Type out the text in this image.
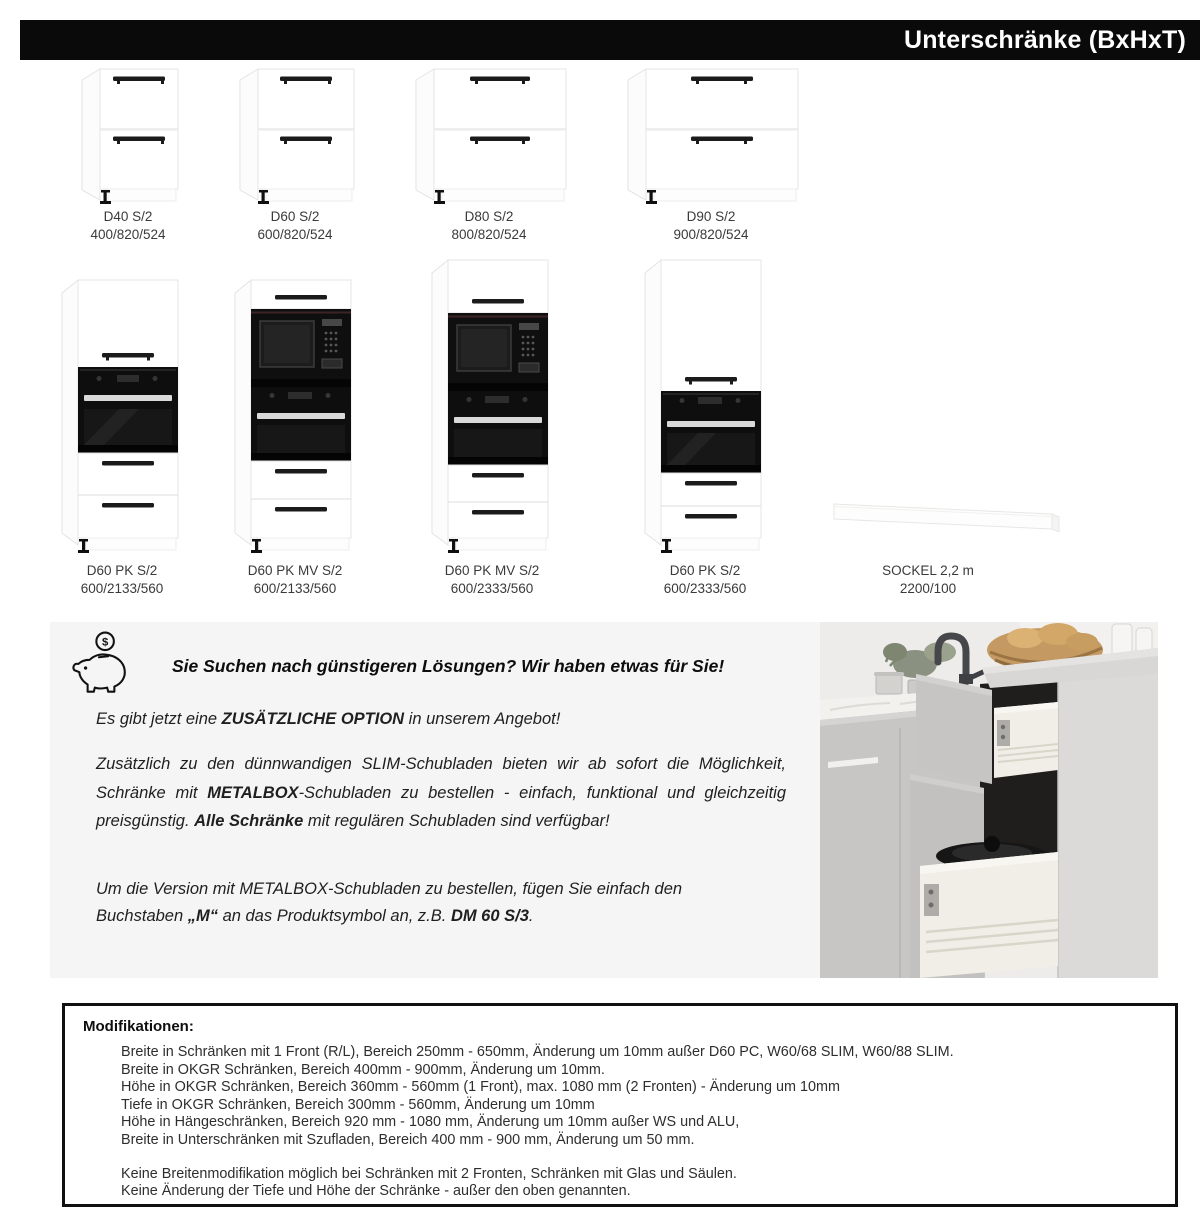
Unterschränke (BxHxT)
D40 S/2
400/820/524
D60 S/2
600/820/524
D80 S/2
800/820/524
D90 S/2
900/820/524
D60 PK S/2
600/2133/560
D60 PK MV S/2
600/2133/560
D60 PK MV S/2
600/2333/560
D60 PK S/2
600/2333/560
SOCKEL 2,2 m
2200/100
$
Sie Suchen nach günstigeren Lösungen? Wir haben etwas für Sie!

Es gibt jetzt eine ZUSÄTZLICHE OPTION in unserem Angebot!

Zusätzlich zu den dünnwandigen SLIM-Schubladen bieten wir ab sofort die Möglichkeit, Schränke mit METALBOX-Schubladen zu bestellen - einfach, funktional und gleichzeitig preisgünstig. Alle Schränke mit regulären Schubladen sind verfügbar!

Um die Version mit METALBOX-Schubladen zu bestellen, fügen Sie einfach den Buchstaben „M“ an das Produktsymbol an, z.B. DM 60 S/3.

Modifikationen:
Breite in Schränken mit 1 Front (R/L), Bereich 250mm - 650mm, Änderung um 10mm außer D60 PC, W60/68 SLIM, W60/88 SLIM.
Breite in OKGR Schränken, Bereich 400mm - 900mm, Änderung um 10mm.
Höhe in OKGR Schränken, Bereich 360mm - 560mm (1 Front), max. 1080 mm (2 Fronten) - Änderung um 10mm
Tiefe in OKGR Schränken, Bereich 300mm - 560mm, Änderung um 10mm
Höhe in Hängeschränken, Bereich 920 mm - 1080 mm, Änderung um 10mm außer WS und ALU,
Breite in Unterschränken mit Szufladen, Bereich 400 mm - 900 mm, Änderung um 50 mm.
Keine Breitenmodifikation möglich bei Schränken mit 2 Fronten, Schränken mit Glas und Säulen.
Keine Änderung der Tiefe und Höhe der Schränke - außer den oben genannten.
